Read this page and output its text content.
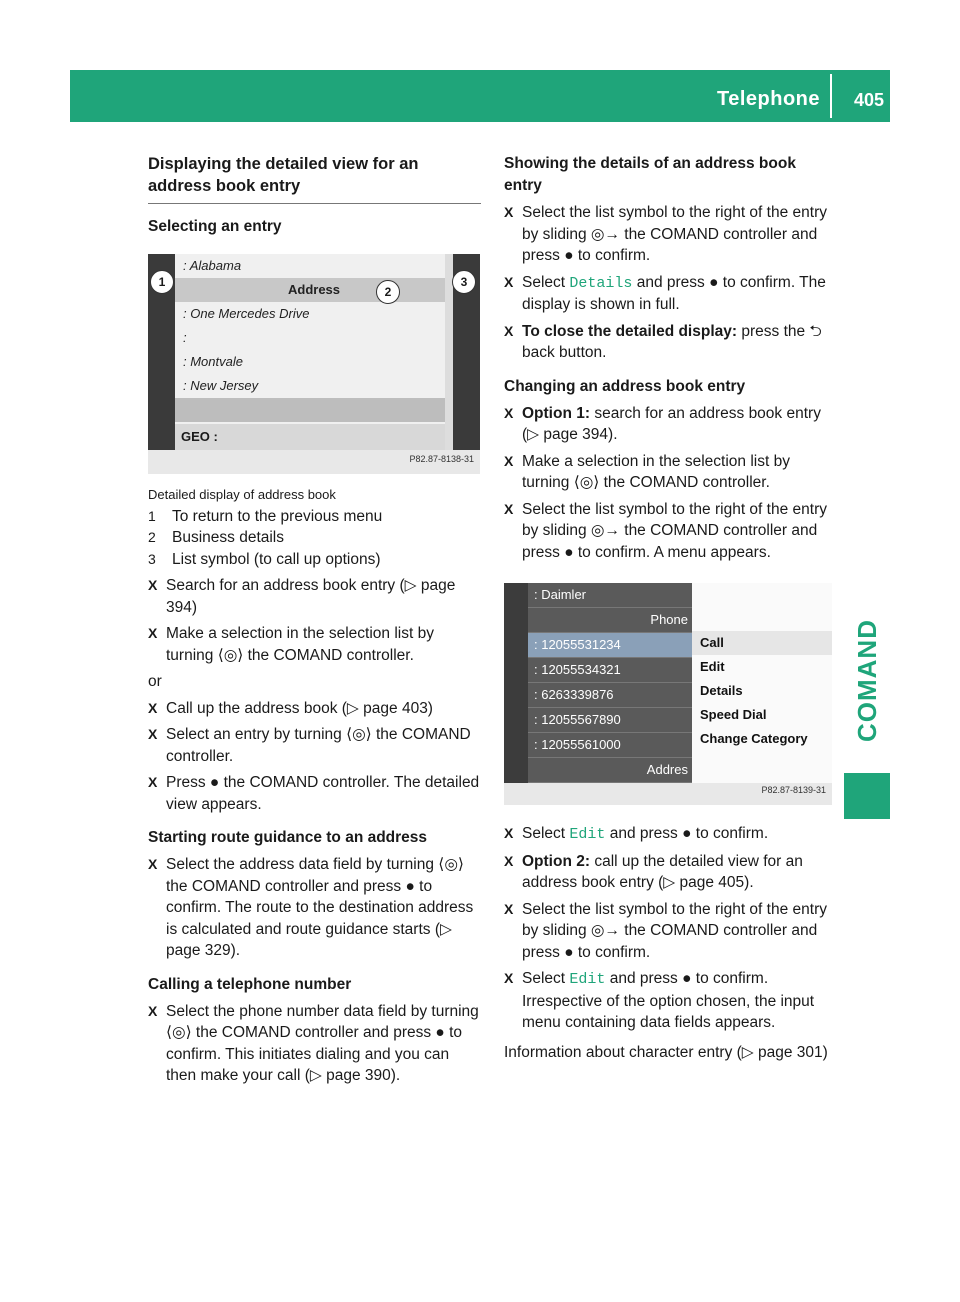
Telephone 405
COMAND
Displaying the detailed view for an address book entry
Selecting an entry
: Alabama
Address
: One Mercedes Drive
:
: Montvale
: New Jersey
GEO :
P82.87-8138-31
1
2
3

Detailed display of address book

1 To return to the previous menu

2 Business details

3 List symbol (to call up options)

X Search for an address book entry (▷ page 394)

X Make a selection in the selection list by turning ⟨◎⟩ the COMAND controller.

or

X Call up the address book (▷ page 403)

X Select an entry by turning ⟨◎⟩ the COMAND controller.

X Press ● the COMAND controller. The detailed view appears.

Starting route guidance to an address

X Select the address data field by turning ⟨◎⟩ the COMAND controller and press ● to confirm. The route to the destination address is calculated and route guidance starts (▷ page 329).

Calling a telephone number

X Select the phone number data field by turning ⟨◎⟩ the COMAND controller and press ● to confirm. This initiates dialing and you can then make your call (▷ page 390).

Showing the details of an address book entry

X Select the list symbol to the right of the entry by sliding ◎→ the COMAND controller and press ● to confirm.

X Select Details and press ● to confirm. The display is shown in full.

X To close the detailed display: press the ⮌ back button.

Changing an address book entry

X Option 1: search for an address book entry (▷ page 394).

X Make a selection in the selection list by turning ⟨◎⟩ the COMAND controller.

X Select the list symbol to the right of the entry by sliding ◎→ the COMAND controller and press ● to confirm. A menu appears.

: Daimler
Phone
: 12055531234
: 12055534321
: 6263339876
: 12055567890
: 12055561000
Addres
Call
Edit
Details
Speed Dial
Change Category
P82.87-8139-31

X Select Edit and press ● to confirm.

X Option 2: call up the detailed view for an address book entry (▷ page 405).

X Select the list symbol to the right of the entry by sliding ◎→ the COMAND controller and press ● to confirm.

X Select Edit and press ● to confirm. Irrespective of the option chosen, the input menu containing data fields appears.

Information about character entry (▷ page 301)
